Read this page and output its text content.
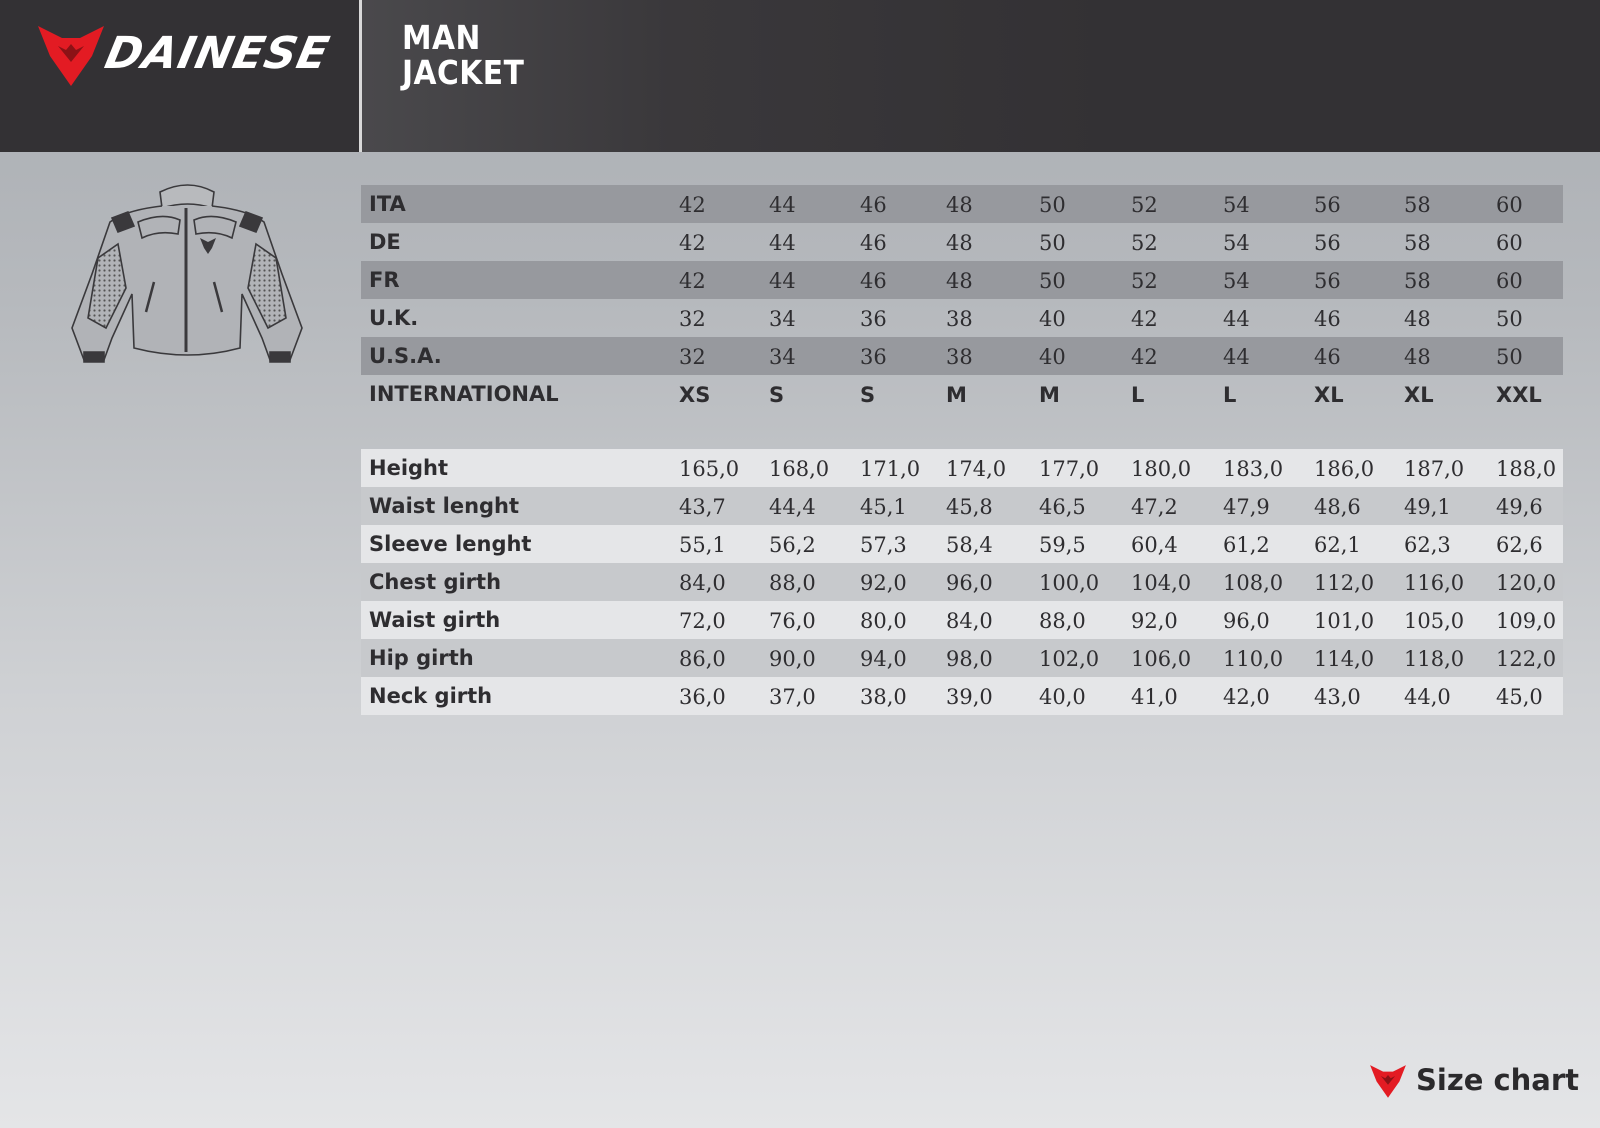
DAINESE MAN
JACKET
ITA	42	44	46	48	50	52	54	56	58	60
DE	42	44	46	48	50	52	54	56	58	60
FR	42	44	46	48	50	52	54	56	58	60
U.K.	32	34	36	38	40	42	44	46	48	50
U.S.A.	32	34	36	38	40	42	44	46	48	50
INTERNATIONAL	XS	S	S	M	M	L	L	XL	XL	XXL
Height	165,0 168,0 171,0 174,0 177,0 180,0 183,0 186,0 187,0 188,0
Waist lenght	43,7 44,4 45,1 45,8 46,5 47,2 47,9 48,6 49,1 49,6
Sleeve lenght	55,1 56,2 57,3 58,4 59,5 60,4 61,2 62,1 62,3 62,6
Chest girth	84,0 88,0 92,0 96,0 100,0 104,0 108,0 112,0 116,0 120,0
Waist girth	72,0 76,0 80,0 84,0 88,0 92,0 96,0 101,0 105,0 109,0
Hip girth	86,0 90,0 94,0 98,0 102,0 106,0 110,0 114,0 118,0 122,0
Neck girth	36,0 37,0 38,0 39,0 40,0 41,0 42,0 43,0 44,0 45,0
Size chart
